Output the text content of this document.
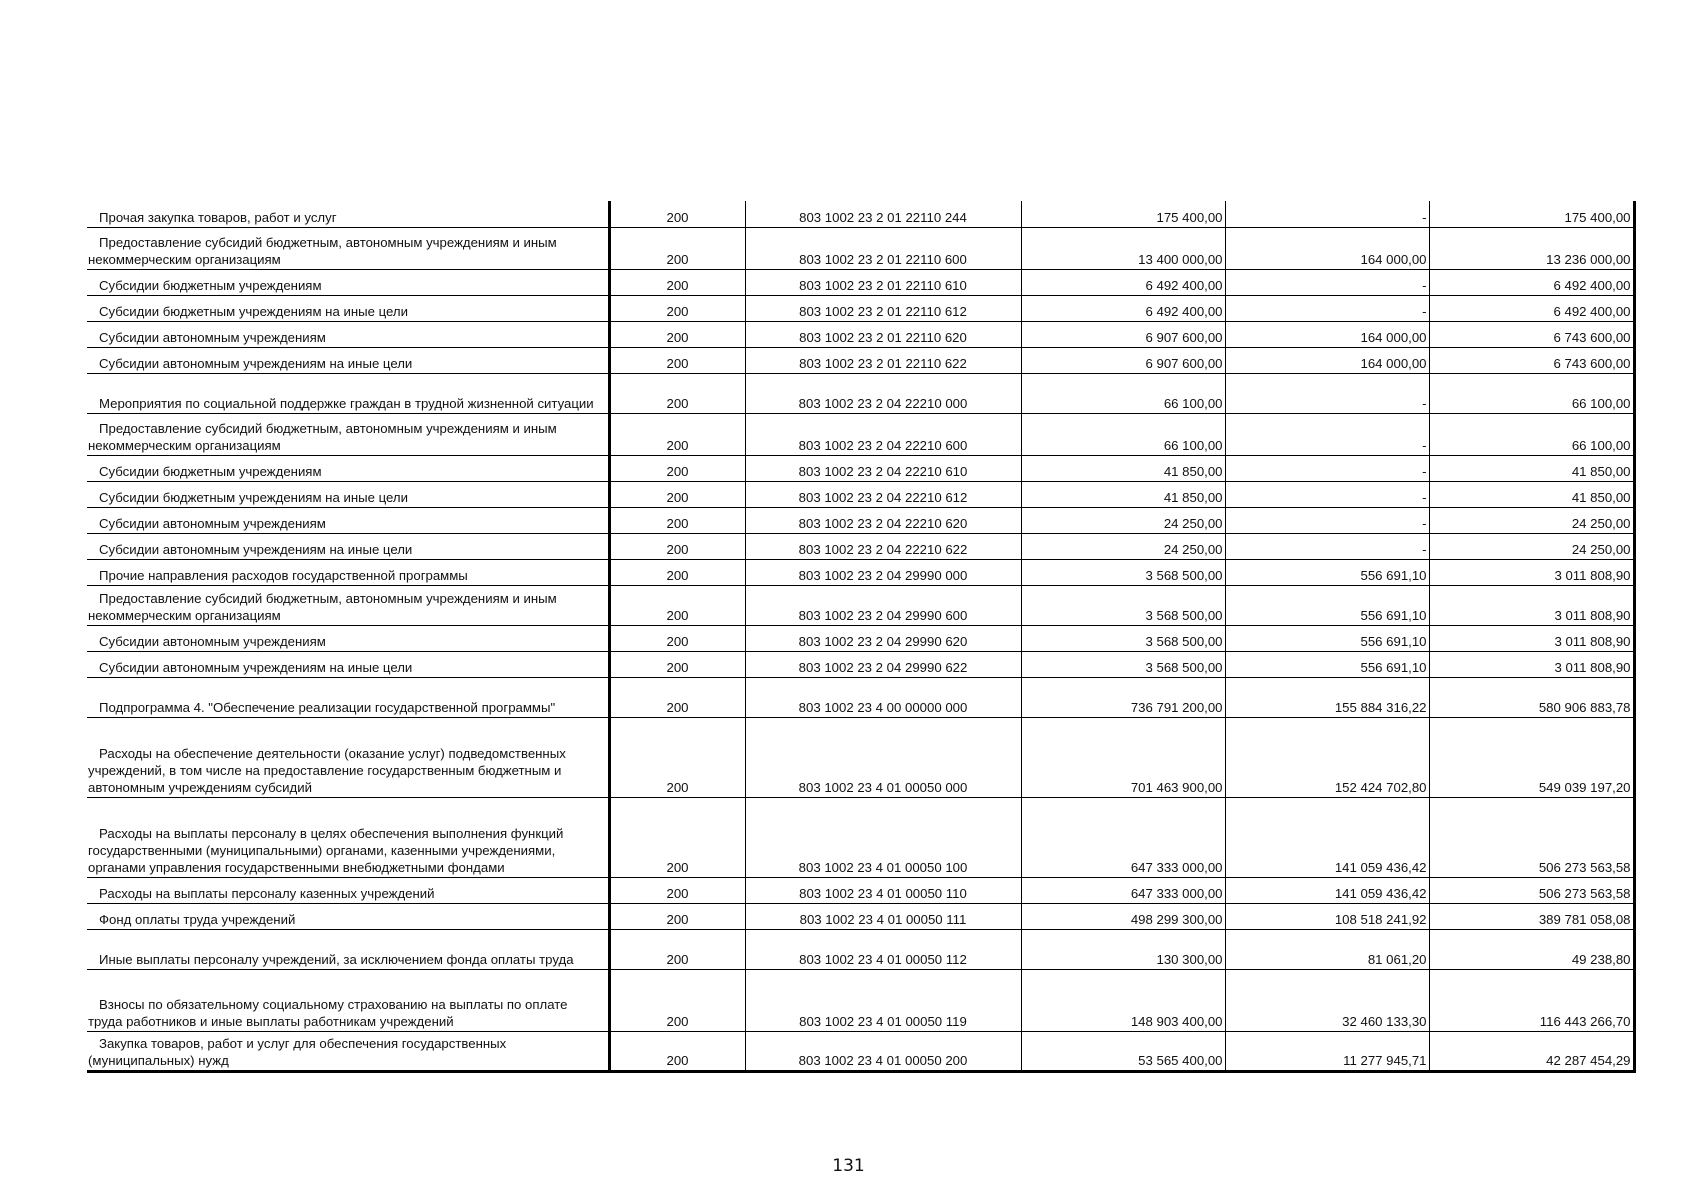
Прочая закупка товаров, работ и услуг	200	803 1002 23 2 01 22110 244	175 400,00	-	175 400,00

Предоставление субсидий бюджетным, автономным учреждениям и иным некоммерческим организациям	200	803 1002 23 2 01 22110 600	13 400 000,00	164 000,00	13 236 000,00

Субсидии бюджетным учреждениям	200	803 1002 23 2 01 22110 610	6 492 400,00	-	6 492 400,00

Субсидии бюджетным учреждениям на иные цели	200	803 1002 23 2 01 22110 612	6 492 400,00	-	6 492 400,00

Субсидии автономным учреждениям	200	803 1002 23 2 01 22110 620	6 907 600,00	164 000,00	6 743 600,00

Субсидии автономным учреждениям на иные цели	200	803 1002 23 2 01 22110 622	6 907 600,00	164 000,00	6 743 600,00

Мероприятия по социальной поддержке граждан в трудной жизненной ситуации	200	803 1002 23 2 04 22210 000	66 100,00	-	66 100,00

Предоставление субсидий бюджетным, автономным учреждениям и иным некоммерческим организациям	200	803 1002 23 2 04 22210 600	66 100,00	-	66 100,00

Субсидии бюджетным учреждениям	200	803 1002 23 2 04 22210 610	41 850,00	-	41 850,00

Субсидии бюджетным учреждениям на иные цели	200	803 1002 23 2 04 22210 612	41 850,00	-	41 850,00

Субсидии автономным учреждениям	200	803 1002 23 2 04 22210 620	24 250,00	-	24 250,00

Субсидии автономным учреждениям на иные цели	200	803 1002 23 2 04 22210 622	24 250,00	-	24 250,00

Прочие направления расходов государственной программы	200	803 1002 23 2 04 29990 000	3 568 500,00	556 691,10	3 011 808,90

Предоставление субсидий бюджетным, автономным учреждениям и иным некоммерческим организациям	200	803 1002 23 2 04 29990 600	3 568 500,00	556 691,10	3 011 808,90

Субсидии автономным учреждениям	200	803 1002 23 2 04 29990 620	3 568 500,00	556 691,10	3 011 808,90

Субсидии автономным учреждениям на иные цели	200	803 1002 23 2 04 29990 622	3 568 500,00	556 691,10	3 011 808,90

Подпрограмма 4. "Обеспечение реализации государственной программы"	200	803 1002 23 4 00 00000 000	736 791 200,00	155 884 316,22	580 906 883,78

Расходы на обеспечение деятельности (оказание услуг) подведомственных учреждений, в том числе на предоставление государственным бюджетным и автономным учреждениям субсидий	200	803 1002 23 4 01 00050 000	701 463 900,00	152 424 702,80	549 039 197,20

Расходы на выплаты персоналу в целях обеспечения выполнения функций государственными (муниципальными) органами, казенными учреждениями, органами управления государственными внебюджетными фондами	200	803 1002 23 4 01 00050 100	647 333 000,00	141 059 436,42	506 273 563,58

Расходы на выплаты персоналу казенных учреждений	200	803 1002 23 4 01 00050 110	647 333 000,00	141 059 436,42	506 273 563,58

Фонд оплаты труда учреждений	200	803 1002 23 4 01 00050 111	498 299 300,00	108 518 241,92	389 781 058,08

Иные выплаты персоналу учреждений, за исключением фонда оплаты труда	200	803 1002 23 4 01 00050 112	130 300,00	81 061,20	49 238,80

Взносы по обязательному социальному страхованию на выплаты по оплате труда работников и иные выплаты работникам учреждений	200	803 1002 23 4 01 00050 119	148 903 400,00	32 460 133,30	116 443 266,70

Закупка товаров, работ и услуг для обеспечения государственных (муниципальных) нужд	200	803 1002 23 4 01 00050 200	53 565 400,00	11 277 945,71	42 287 454,29
131
